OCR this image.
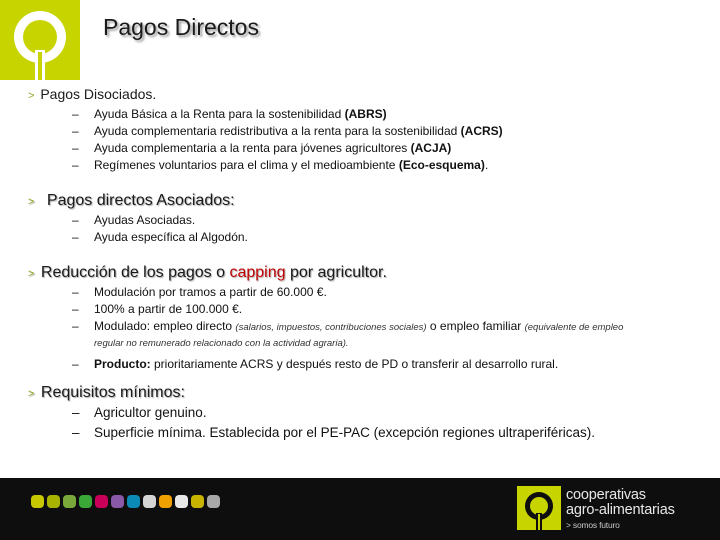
Pagos Directos
> Pagos Disociados.
– Ayuda Básica a la Renta para la sostenibilidad (ABRS)
– Ayuda complementaria redistributiva a la renta para la sostenibilidad (ACRS)
– Ayuda complementaria a la renta para jóvenes agricultores (ACJA)
– Regímenes voluntarios para el clima y el medioambiente (Eco-esquema).
> Pagos directos Asociados:
– Ayudas Asociadas.
– Ayuda específica al Algodón.
> Reducción de los pagos o capping por agricultor.
– Modulación por tramos a partir de 60.000 €.
– 100% a partir de 100.000 €.
– Modulado: empleo directo (salarios, impuestos, contribuciones sociales) o empleo familiar (equivalente de empleo
regular no remunerado relacionado con la actividad agraria).
– Producto: prioritariamente ACRS y después resto de PD o transferir al desarrollo rural.
> Requisitos mínimos:
– Agricultor genuino.
– Superficie mínima. Establecida por el PE-PAC (excepción regiones ultraperiféricas).
cooperativas
agro-alimentarias
> somos futuro
